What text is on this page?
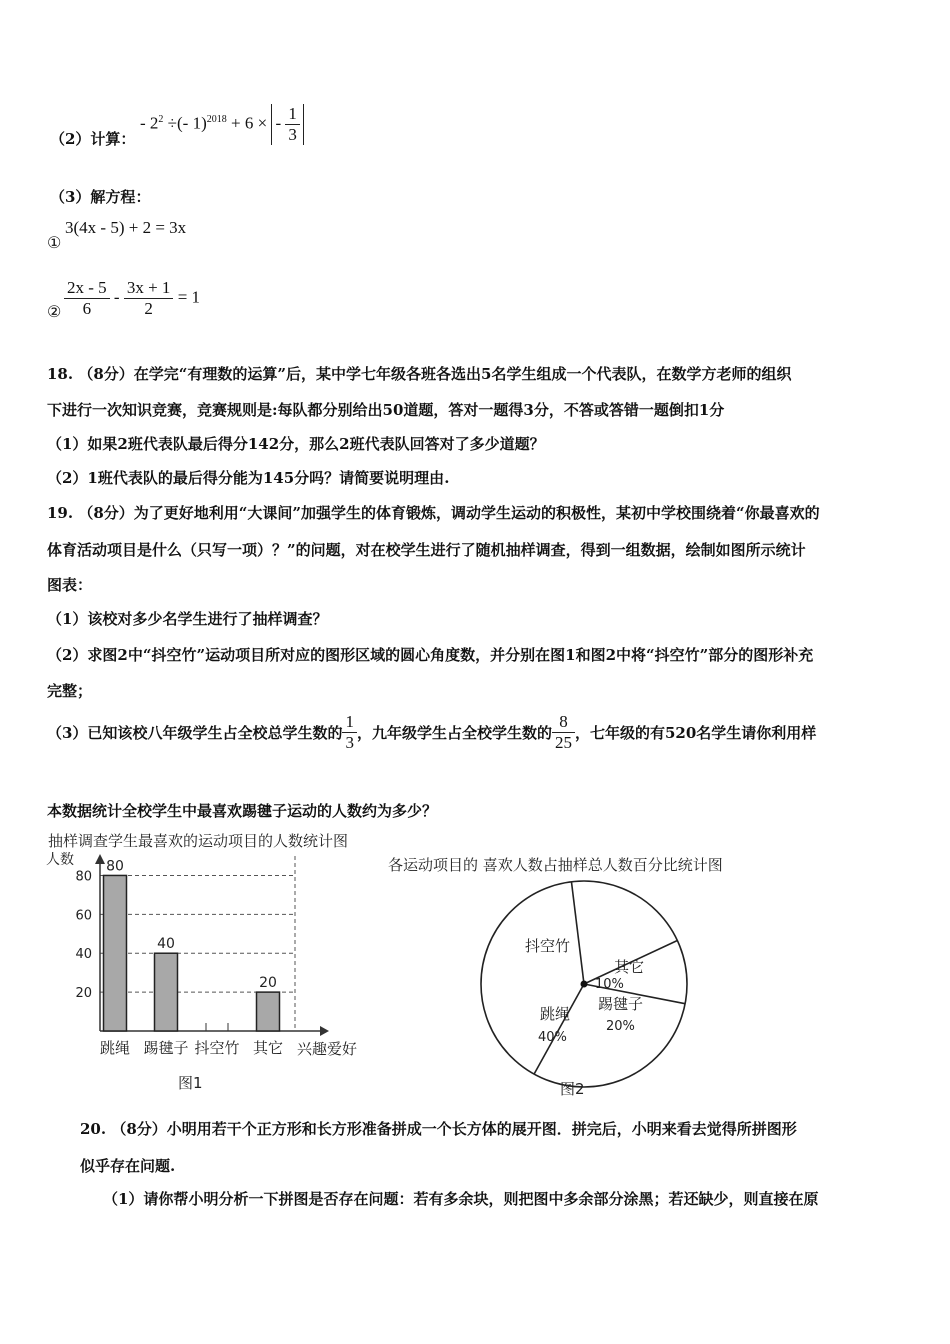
（2）计算：
- $2^2$ ÷(- 1)$^{2018}$ + 6 × - $\frac{1}{3}$
（3）解方程：
①
3(4x - 5) + 2 = 3x
② $\frac{2x - 5}{6} - \frac{3x + 1}{2} = 1$
18. （8分）在学完“有理数的运算”后，某中学七年级各班各选出5名学生组成一个代表队，在数学方老师的组织
下进行一次知识竞赛，竞赛规则是:每队都分别给出50道题，答对一题得3分，不答或答错一题倒扣1分
（1）如果2班代表队最后得分142分，那么2班代表队回答对了多少道题？
（2）1班代表队的最后得分能为145分吗？请简要说明理由.
19. （8分）为了更好地利用“大课间”加强学生的体育锻炼，调动学生运动的积极性，某初中学校围绕着“你最喜欢的
体育活动项目是什么（只写一项）？”的问题，对在校学生进行了随机抽样调查，得到一组数据，绘制如图所示统计
图表：
（1）该校对多少名学生进行了抽样调查？
（2）求图2中“抖空竹”运动项目所对应的图形区域的圆心角度数，并分别在图1和图2中将“抖空竹”部分的图形补充
完整；
（3）已知该校八年级学生占全校总学生数的 $\frac{1}{3}$ ，九年级学生占全校学生数的 $\frac{8}{25}$ ，七年级的有520名学生请你利用样
本数据统计全校学生中最喜欢踢毽子运动的人数约为多少？
抽样调查学生最喜欢的运动项目的人数统计图
人数
20
40
60
80
80
跳绳
40
踢毽子 抖空竹
20
其它 兴趣爱好
图1
各运动项目的 喜欢人数占抽样总人数百分比统计图
跳绳
40%
踢毽子
20%
其它
10%
抖空竹
图2
20. （8分）小明用若干个正方形和长方形准备拼成一个长方体的展开图．拼完后，小明来看去觉得所拼图形
似乎存在问题.
（1）请你帮小明分析一下拼图是否存在问题：若有多余块，则把图中多余部分涂黑；若还缺少，则直接在原
